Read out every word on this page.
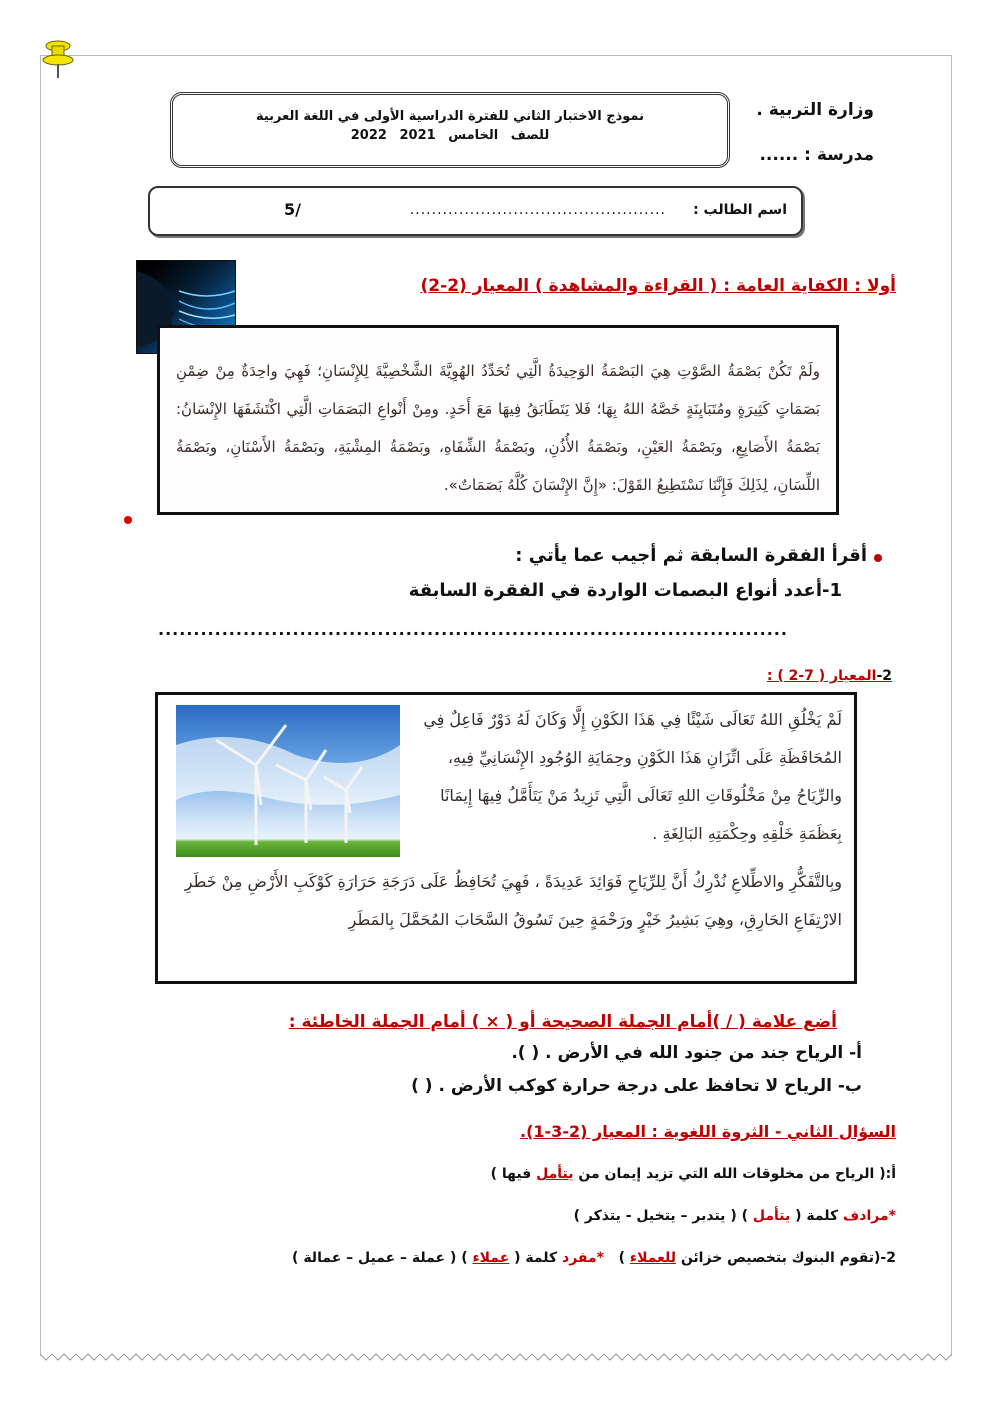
وزارة التربية .
مدرسة : ......
نموذج الاختبار الثاني للفترة الدراسية الأولى في اللغة العربية
للصف الخامس 2021 2022
اسم الطالب :
...............................................
5/
أولا : الكفاية العامة : ( القراءة والمشاهدة ) المعيار (2-2)

ولَمْ تَكُنْ بَصْمَةُ الصَّوْتِ هِيَ البَصْمَةُ الوَحِيدَةُ الَّتِي تُحَدِّدُ الهُوِيَّةَ الشَّخْصِيَّةَ لِلإِنْسَانِ؛ فَهِيَ واحِدَةٌ مِنْ ضِمْنِ بَصَمَاتٍ كَثِيرَةٍ ومُتَبَايِنَةٍ خَصَّهُ اللهُ بِهَا؛ فَلا يَتَطَابَقُ فِيهَا مَعَ أَحَدٍ. ومِنْ أَنْواعِ البَصَمَاتِ الَّتِي اكْتَشَفَهَا الإِنْسَانُ: بَصْمَةُ الأَصَابِعِ، وبَصْمَةُ العَيْنِ، وبَصْمَةُ الأُذُنِ، وبَصْمَةُ الشِّفَاهِ، وبَصْمَةُ المِشْيَةِ، وبَصْمَةُ الأَسْنَانِ، وبَصْمَةُ اللِّسَانِ، لِذَلِكَ فَإِنَّنَا نَسْتَطِيعُ القَوْلَ: «إِنَّ الإِنْسَانَ كُلَّهُ بَصَمَاتٌ».

أقرأ الفقرة السابقة ثم أجيب عما يأتي :
1-أعدد أنواع البصمات الواردة في الفقرة السابقة
.........................................................................................
2-المعيار ( 7-2 ) :

لَمْ يَخْلُقِ اللهُ تَعَالَى شَيْئًا فِي هَذَا الكَوْنِ إِلَّا وَكَانَ لَهُ دَوْرٌ فَاعِلٌ فِي المُحَافَظَةِ عَلَى اتِّزَانِ هَذَا الكَوْنِ وحِمَايَةِ الوُجُودِ الإِنْسَانِيِّ فِيهِ، والرِّيَاحُ مِنْ مَخْلُوقَاتِ اللهِ تَعَالَى الَّتِي تَزِيدُ مَنْ يَتَأَمَّلُ فِيهَا إِيمَانًا بِعَظَمَةِ خَلْقِهِ وحِكْمَتِهِ البَالِغَةِ .

وبِالتَّفَكُّرِ والاطِّلاعِ نُدْرِكُ أَنَّ لِلرِّيَاحِ فَوَائِدَ عَدِيدَةً ، فَهِيَ تُحَافِظُ عَلَى دَرَجَةِ حَرَارَةِ كَوْكَبِ الأَرْضِ مِنْ خَطَرِ الارْتِفَاعِ الحَارِقِ، وهِيَ بَشِيرُ خَيْرٍ ورَحْمَةٍ حِينَ تَسُوقُ السَّحَابَ المُحَمَّلَ بِالمَطَرِ

أضع علامة ( / )أمام الجملة الصحيحة أو ( × ) أمام الجملة الخاطئة :
أ- الرياح جند من جنود الله في الأرض . ( ).
ب- الرياح لا تحافظ على درجة حرارة كوكب الأرض . ( )
السؤال الثاني - الثروة اللغوية : المعيار (2-3-1).
أ:( الرياح من مخلوقات الله التي تزيد إيمان من يتأمل فيها )
*مرادف كلمة ( يتأمل ) ( يتدبر – يتخيل - يتذكر )
2-(تقوم البنوك بتخصيص خزائن للعملاء )   *مفرد كلمة ( عملاء ) ( عملة – عميل – عمالة )
